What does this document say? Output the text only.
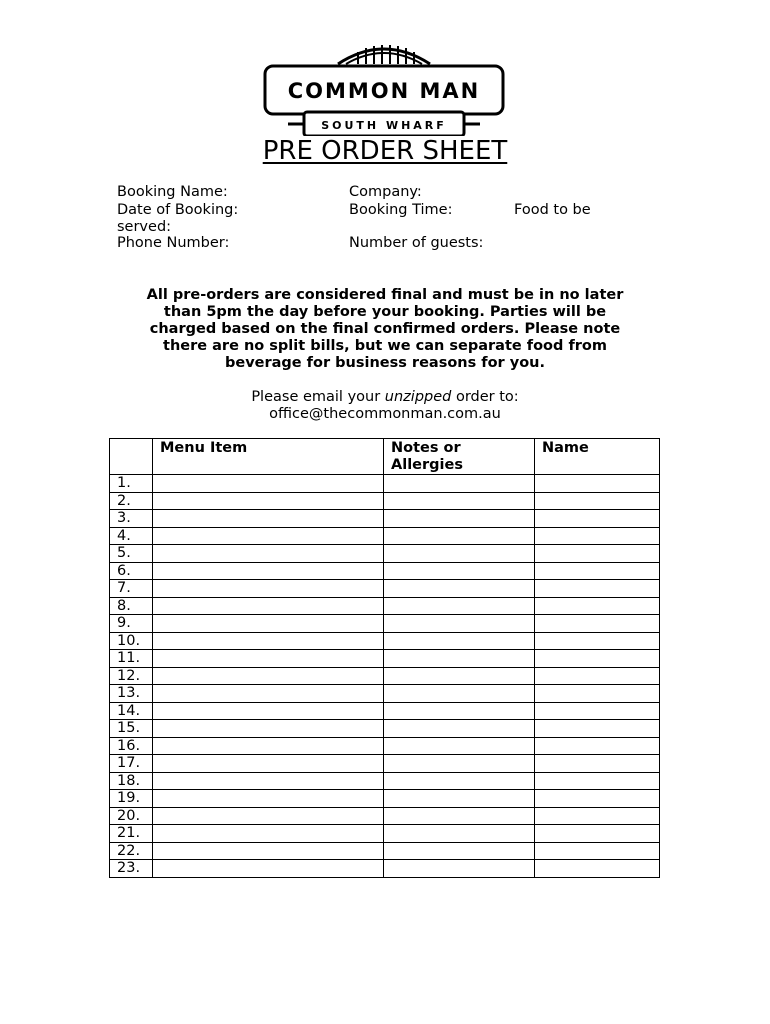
COMMON MAN
SOUTH WHARF
PRE ORDER SHEET
Booking Name:	Company:
Date of Booking:	Booking Time:	Food to be
served:
Phone Number:	Number of guests:
All pre-orders are considered final and must be in no later
than 5pm the day before your booking. Parties will be
charged based on the final confirmed orders. Please note
there are no split bills, but we can separate food from
beverage for business reasons for you.
Please email your unzipped order to:
office@thecommonman.com.au
	Menu Item	Notes or
Allergies	Name
1.			
2.			
3.			
4.			
5.			
6.			
7.			
8.			
9.			
10.			
11.			
12.			
13.			
14.			
15.			
16.			
17.			
18.			
19.			
20.			
21.			
22.			
23.			
